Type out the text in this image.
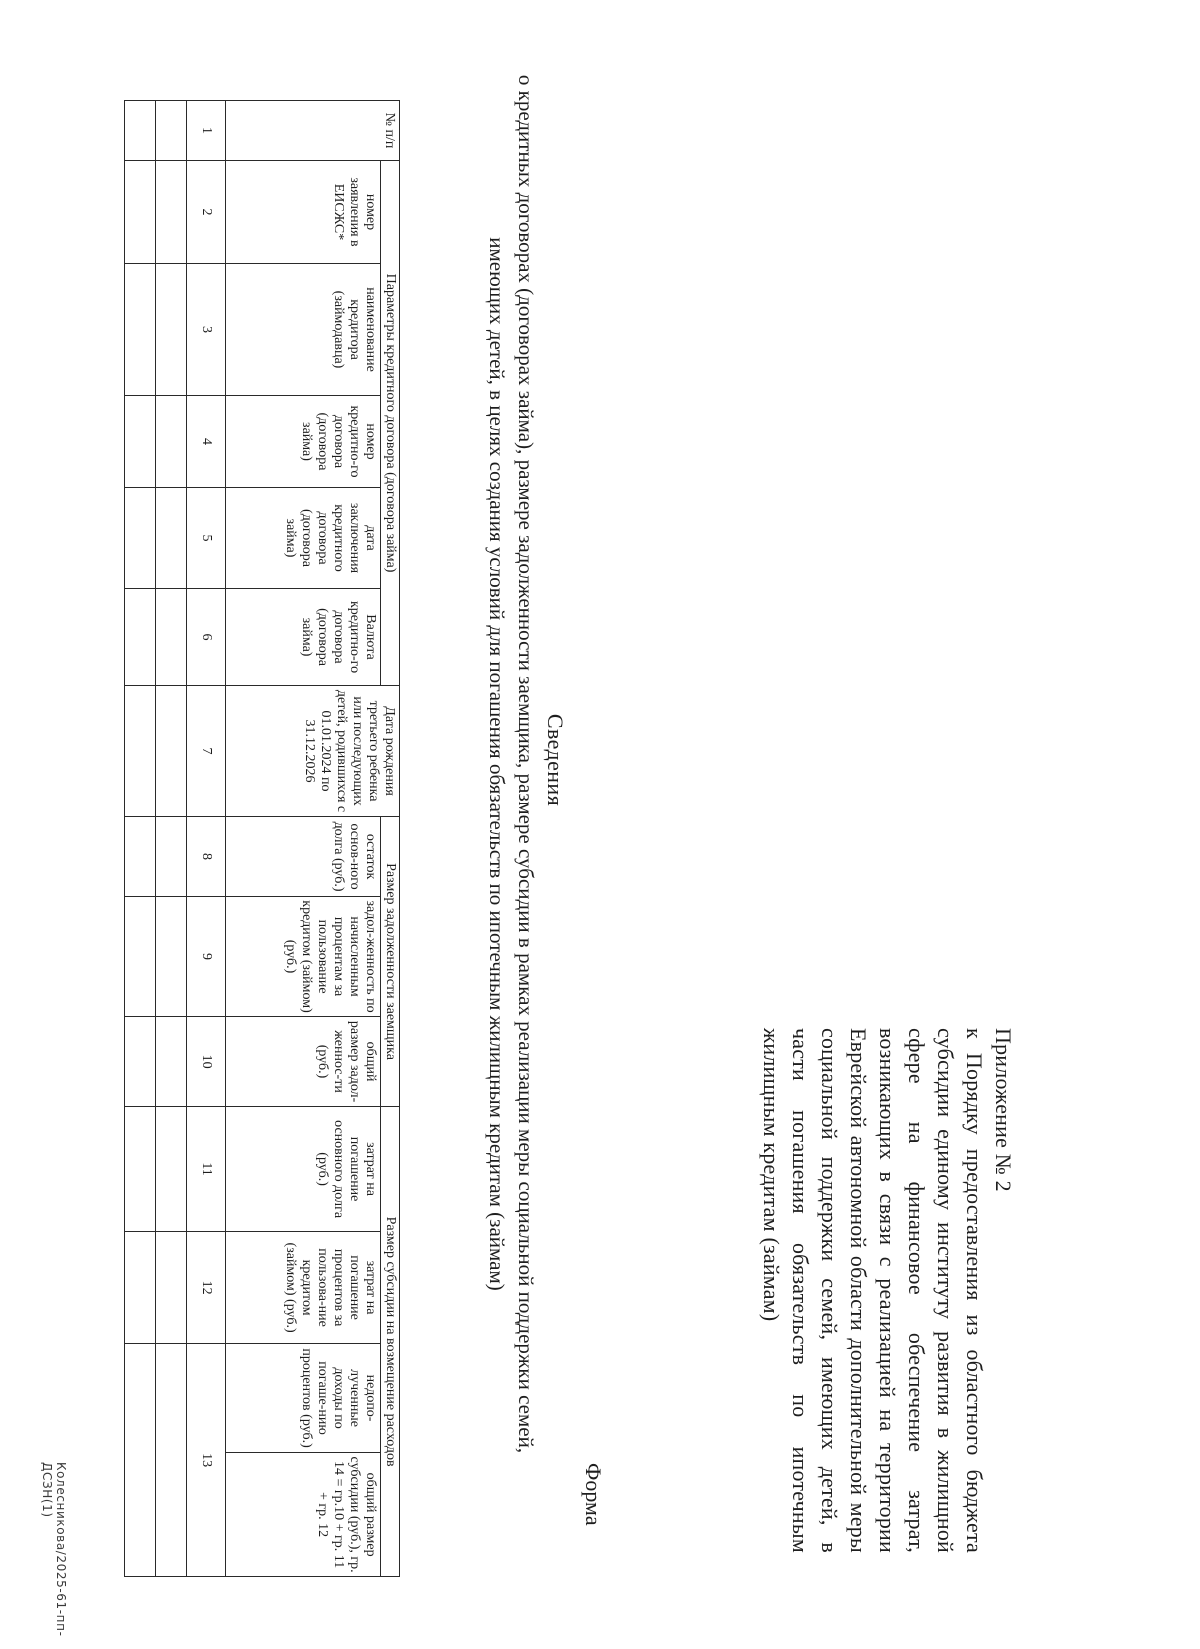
Приложение № 2
к Порядку предоставления из областного бюджета субсидии единому институту развития в жилищной сфере на финансовое обеспечение затрат, возникающих в связи с реализацией на территории Еврейской автономной области дополнительной меры социальной поддержки семей, имеющих детей, в части погашения обязательств по ипотечным жилищным кредитам (займам)
Форма
Сведения
о кредитных договорах (договорах займа), размере задолженности заемщика, размере субсидии в рамках реализации меры социальной поддержки семей, имеющих детей, в целях создания условий для погашения обязательств по ипотечным жилищным кредитам (займам)
№ п/п	Параметры кредитного договора (договора займа)					Дата рождения третьего ребенка или последующих детей, родившихся с 01.01.2024 по 31.12.2026	Размер задолженности заемщика			Размер субсидии на возмещение расходов			
	номер заявления в ЕИСЖС*	наименование кредитора (займодавца)	номер кредитно-го договора (договора займа)	дата заключения кредитного договора (договора займа)	Валюта кредитно-го договора (договора займа)		остаток основ-ного долга (руб.)	задол-женность по начисленным процентам за пользование кредитом (займом) (руб.)	общий размер задол-женнос-ти (руб.)	затрат на погашение основного долга (руб.)	затрат на погашение процентов за пользова-ние кредитом (займом) (руб.)	недопо-лученные доходы по погаше-нию процентов (руб.)	общий размер субсидии (руб.), гр. 14 = гр.10 + гр. 11 + гр. 12
1	2	3	4	5	6	7	8	9	10	11	12	13	

Колесникова/2025-61-пп-ДСЗН(1)
